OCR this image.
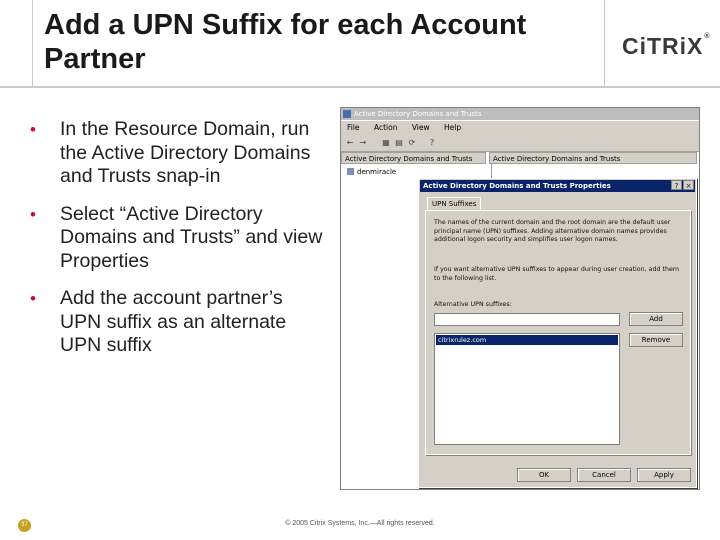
Add a UPN Suffix for each Account Partner	CiTRiX®
• In the Resource Domain, run the Active Directory Domains and Trusts snap-in
• Select “Active Directory Domains and Trusts” and view Properties
• Add the account partner’s UPN suffix as an alternate UPN suffix
Active Directory Domains and Trusts
File Action View Help
← → ▦ ▤ ⟳	?
Active Directory Domains and Trusts
denmiracle
Active Directory Domains and Trusts
Active Directory Domains and Trusts Properties	?	×
UPN Suffixes
The names of the current domain and the root domain are the default user principal name (UPN) suffixes. Adding alternative domain names provides additional logon security and simplifies user logon names.
If you want alternative UPN suffixes to appear during user creation, add them to the following list.
Alternative UPN suffixes:
Add
citrixrulez.com	Remove
OK	Cancel	Apply
37	© 2005 Citrix Systems, Inc.—All rights reserved.
